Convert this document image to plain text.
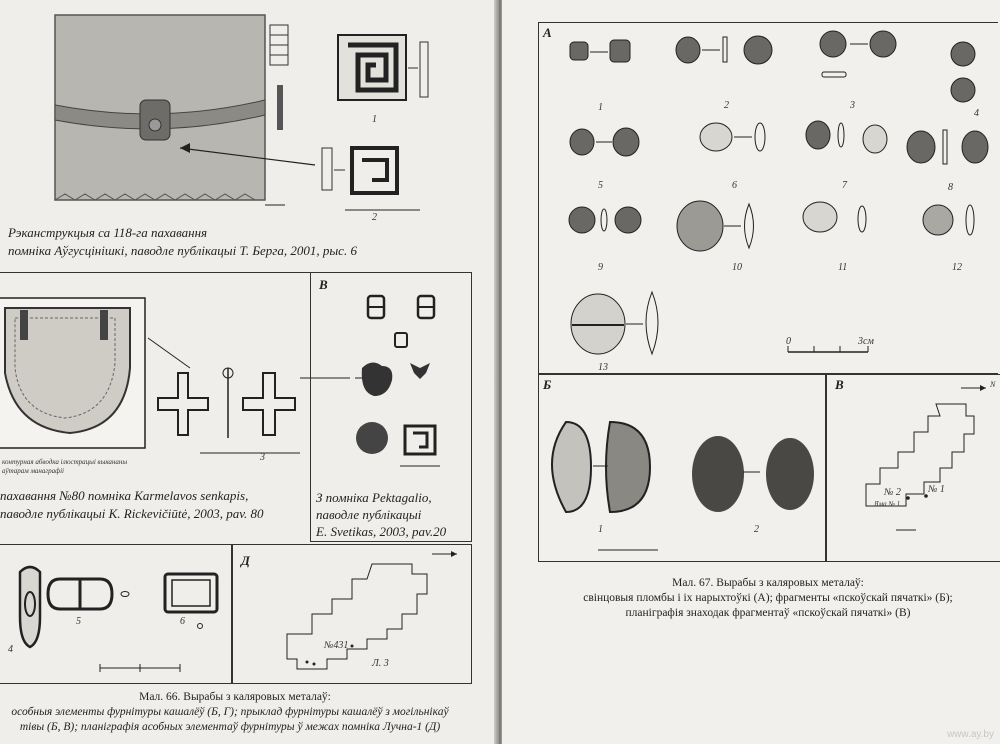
1
2
Рэканструкцыя са 118-га пахавання
помніка Аўгусцінішкі, паводле публікацыі Т. Берга, 2001, рыс. 6
3
контурная абводка ілюстрацыі выкананы
аўтарам манаграфіі
пахавання №80 помніка Karmelavos senkapis,
паводле публікацыі K. Rickevičiūtė, 2003, pav. 80
В
З помніка Pektagalio,
паводле публікацыі
E. Svetikas, 2003, pav.20
4
5	6
Д
№431
Л. 3
Мал. 66. Вырабы з каляровых металаў:
особныя элементы фурнітуры кашалёў (Б, Г); прыклад фурнітуры кашалёў з могільнікаў
тівы (Б, В); планіграфія асобных элементаў фурнітуры ў межах помніка Лучна-1 (Д)
А
1	2	3
4
5	6	7	8
9	10	11	12
13
0	3см
Б
1	2
В
№ 2	№ 1
Яма № 1
N
Мал. 67. Вырабы з каляровых металаў:
свінцовыя пломбы і іх нарыхтоўкі (А); фрагменты «пскоўскай пячаткі» (Б);
планіграфія знаходак фрагментаў «пскоўскай пячаткі» (В)
www.ay.by
